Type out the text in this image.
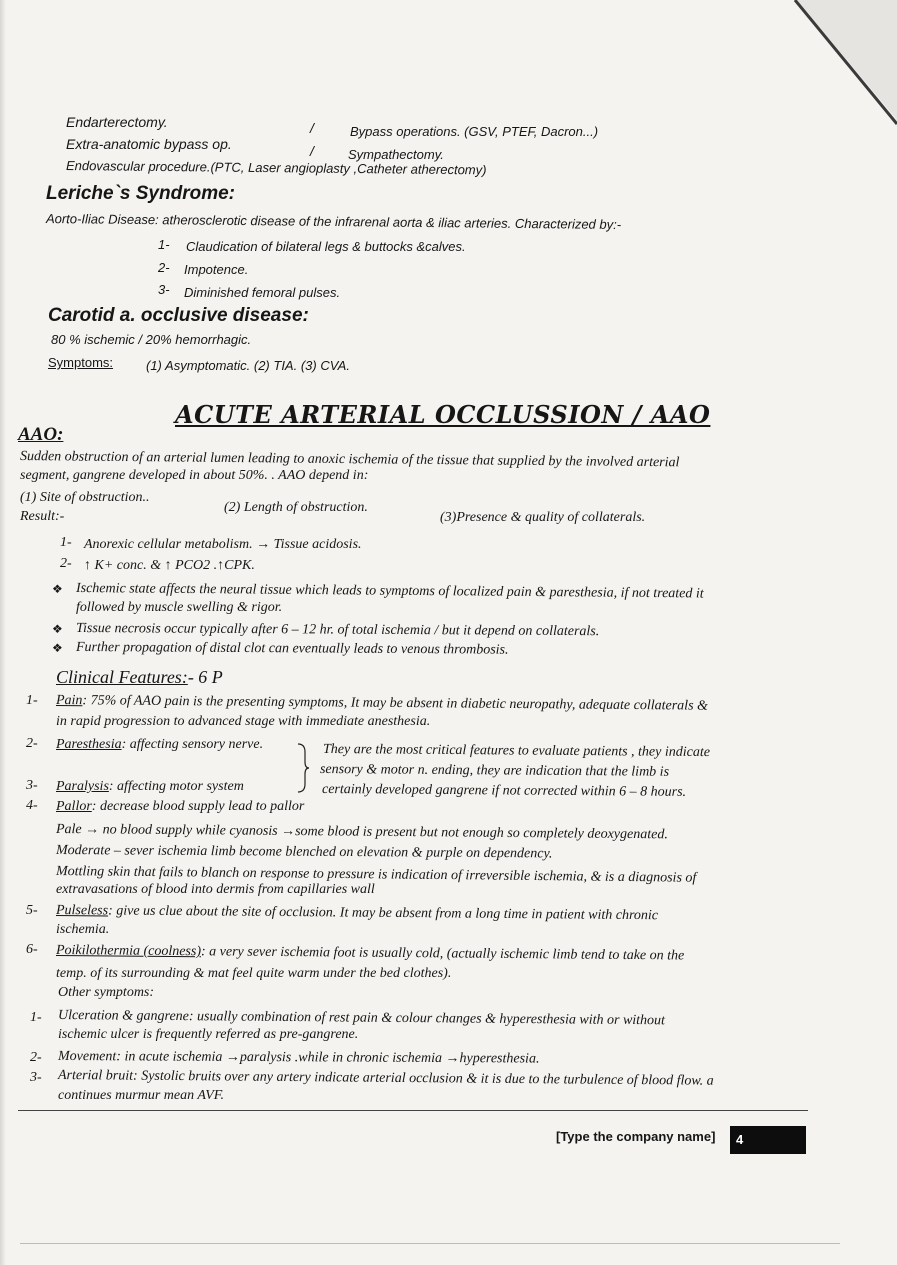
Endarterectomy.	/	Bypass operations. (GSV, PTEF, Dacron...)
Extra-anatomic bypass op.	/	Sympathectomy.
Endovascular procedure.(PTC, Laser angioplasty ,Catheter atherectomy)
Leriche`s Syndrome:
Aorto-Iliac Disease: atherosclerotic disease of the infrarenal aorta & iliac arteries. Characterized by:-
1- Claudication of bilateral legs & buttocks &calves.
2- Impotence.
3- Diminished femoral pulses.
Carotid a. occlusive disease:
80 % ischemic / 20% hemorrhagic.
Symptoms:	(1) Asymptomatic. (2) TIA. (3) CVA.
ACUTE ARTERIAL OCCLUSSION / AAO
AAO:
Sudden obstruction of an arterial lumen leading to anoxic ischemia of the tissue that supplied by the involved arterial
segment, gangrene developed in about 50%. . AAO depend in:
(1) Site of obstruction..
(2) Length of obstruction.
(3)Presence & quality of collaterals.
Result:-
1- Anorexic cellular metabolism. → Tissue acidosis.
2- ↑ K+ conc. & ↑ PCO2 .↑CPK.
❖ Ischemic state affects the neural tissue which leads to symptoms of localized pain & paresthesia, if not treated it
followed by muscle swelling & rigor.
❖ Tissue necrosis occur typically after 6 – 12 hr. of total ischemia / but it depend on collaterals.
❖ Further propagation of distal clot can eventually leads to venous thrombosis.
Clinical Features:- 6 P
1- Pain: 75% of AAO pain is the presenting symptoms, It may be absent in diabetic neuropathy, adequate collaterals &
in rapid progression to advanced stage with immediate anesthesia.
2- Paresthesia: affecting sensory nerve.	They are the most critical features to evaluate patients , they indicate
sensory & motor n. ending, they are indication that the limb is
certainly developed gangrene if not corrected within 6 – 8 hours.
3- Paralysis: affecting motor system
4- Pallor: decrease blood supply lead to pallor
Pale → no blood supply while cyanosis →some blood is present but not enough so completely deoxygenated.
Moderate – sever ischemia limb become blenched on elevation & purple on dependency.
Mottling skin that fails to blanch on response to pressure is indication of irreversible ischemia, & is a diagnosis of
extravasations of blood into dermis from capillaries wall
5- Pulseless: give us clue about the site of occlusion. It may be absent from a long time in patient with chronic
ischemia.
6- Poikilothermia (coolness): a very sever ischemia foot is usually cold, (actually ischemic limb tend to take on the
temp. of its surrounding & mat feel quite warm under the bed clothes).
Other symptoms:
1- Ulceration & gangrene: usually combination of rest pain & colour changes & hyperesthesia with or without
ischemic ulcer is frequently referred as pre-gangrene.
2- Movement: in acute ischemia →paralysis .while in chronic ischemia →hyperesthesia.
3- Arterial bruit: Systolic bruits over any artery indicate arterial occlusion & it is due to the turbulence of blood flow. a
continues murmur mean AVF.
[Type the company name]	4
